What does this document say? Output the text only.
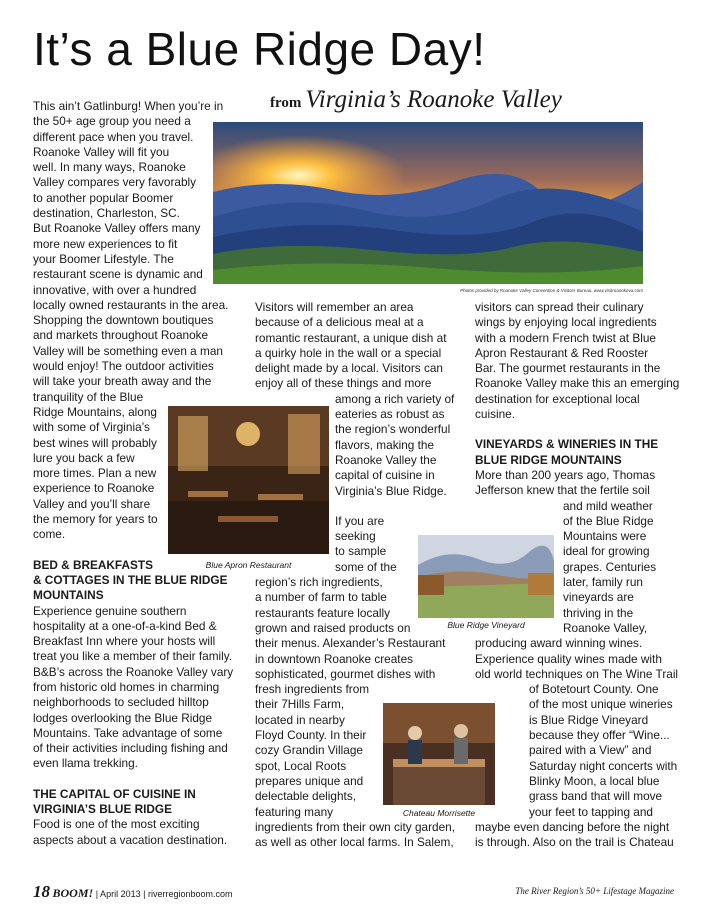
It’s a Blue Ridge Day!
from Virginia’s Roanoke Valley
Photos provided by Roanoke Valley Convention & Visitors Bureau. www.visitroanokeva.com
Blue Apron Restaurant
Blue Ridge Vineyard
Chateau Morrisette
This ain’t Gatlinburg! When you’re in
the 50+ age group you need a
different pace when you travel.
Roanoke Valley will fit you
well. In many ways, Roanoke
Valley compares very favorably
to another popular Boomer
destination, Charleston, SC.
But Roanoke Valley offers many
more new experiences to fit
your Boomer Lifestyle. The
restaurant scene is dynamic and
innovative, with over a hundred
locally owned restaurants in the area.
Shopping the downtown boutiques
and markets throughout Roanoke
Valley will be something even a man
would enjoy! The outdoor activities
will take your breath away and the
tranquility of the Blue
Ridge Mountains, along
with some of Virginia’s
best wines will probably
lure you back a few
more times. Plan a new
experience to Roanoke
Valley and you’ll share
the memory for years to
come.
BED & BREAKFASTS
& COTTAGES IN THE BLUE RIDGE
MOUNTAINS
Experience genuine southern
hospitality at a one-of-a-kind Bed &
Breakfast Inn where your hosts will
treat you like a member of their family.
B&B’s across the Roanoke Valley vary
from historic old homes in charming
neighborhoods to secluded hilltop
lodges overlooking the Blue Ridge
Mountains. Take advantage of some
of their activities including fishing and
even llama trekking.
THE CAPITAL OF CUISINE IN
VIRGINIA’S BLUE RIDGE
Food is one of the most exciting
aspects about a vacation destination.
Visitors will remember an area
because of a delicious meal at a
romantic restaurant, a unique dish at
a quirky hole in the wall or a special
delight made by a local. Visitors can
enjoy all of these things and more
among a rich variety of
eateries as robust as
the region’s wonderful
flavors, making the
Roanoke Valley the
capital of cuisine in
Virginia’s Blue Ridge.
If you are
seeking
to sample
some of the
region’s rich ingredients,
a number of farm to table
restaurants feature locally
grown and raised products on
their menus. Alexander’s Restaurant
in downtown Roanoke creates
sophisticated, gourmet dishes with
fresh ingredients from
their 7Hills Farm,
located in nearby
Floyd County. In their
cozy Grandin Village
spot, Local Roots
prepares unique and
delectable delights,
featuring many
ingredients from their own city garden,
as well as other local farms. In Salem,
visitors can spread their culinary
wings by enjoying local ingredients
with a modern French twist at Blue
Apron Restaurant & Red Rooster
Bar. The gourmet restaurants in the
Roanoke Valley make this an emerging
destination for exceptional local
cuisine.
VINEYARDS & WINERIES IN THE
BLUE RIDGE MOUNTAINS
More than 200 years ago, Thomas
Jefferson knew that the fertile soil
and mild weather
of the Blue Ridge
Mountains were
ideal for growing
grapes. Centuries
later, family run
vineyards are
thriving in the
Roanoke Valley,
producing award winning wines.
Experience quality wines made with
old world techniques on The Wine Trail
of Botetourt County. One
of the most unique wineries
is Blue Ridge Vineyard
because they offer “Wine...
paired with a View” and
Saturday night concerts with
Blinky Moon, a local blue
grass band that will move
your feet to tapping and
maybe even dancing before the night
is through. Also on the trail is Chateau
18 BOOM! | April 2013 | riverregionboom.com	The River Region’s 50+ Lifestage Magazine
